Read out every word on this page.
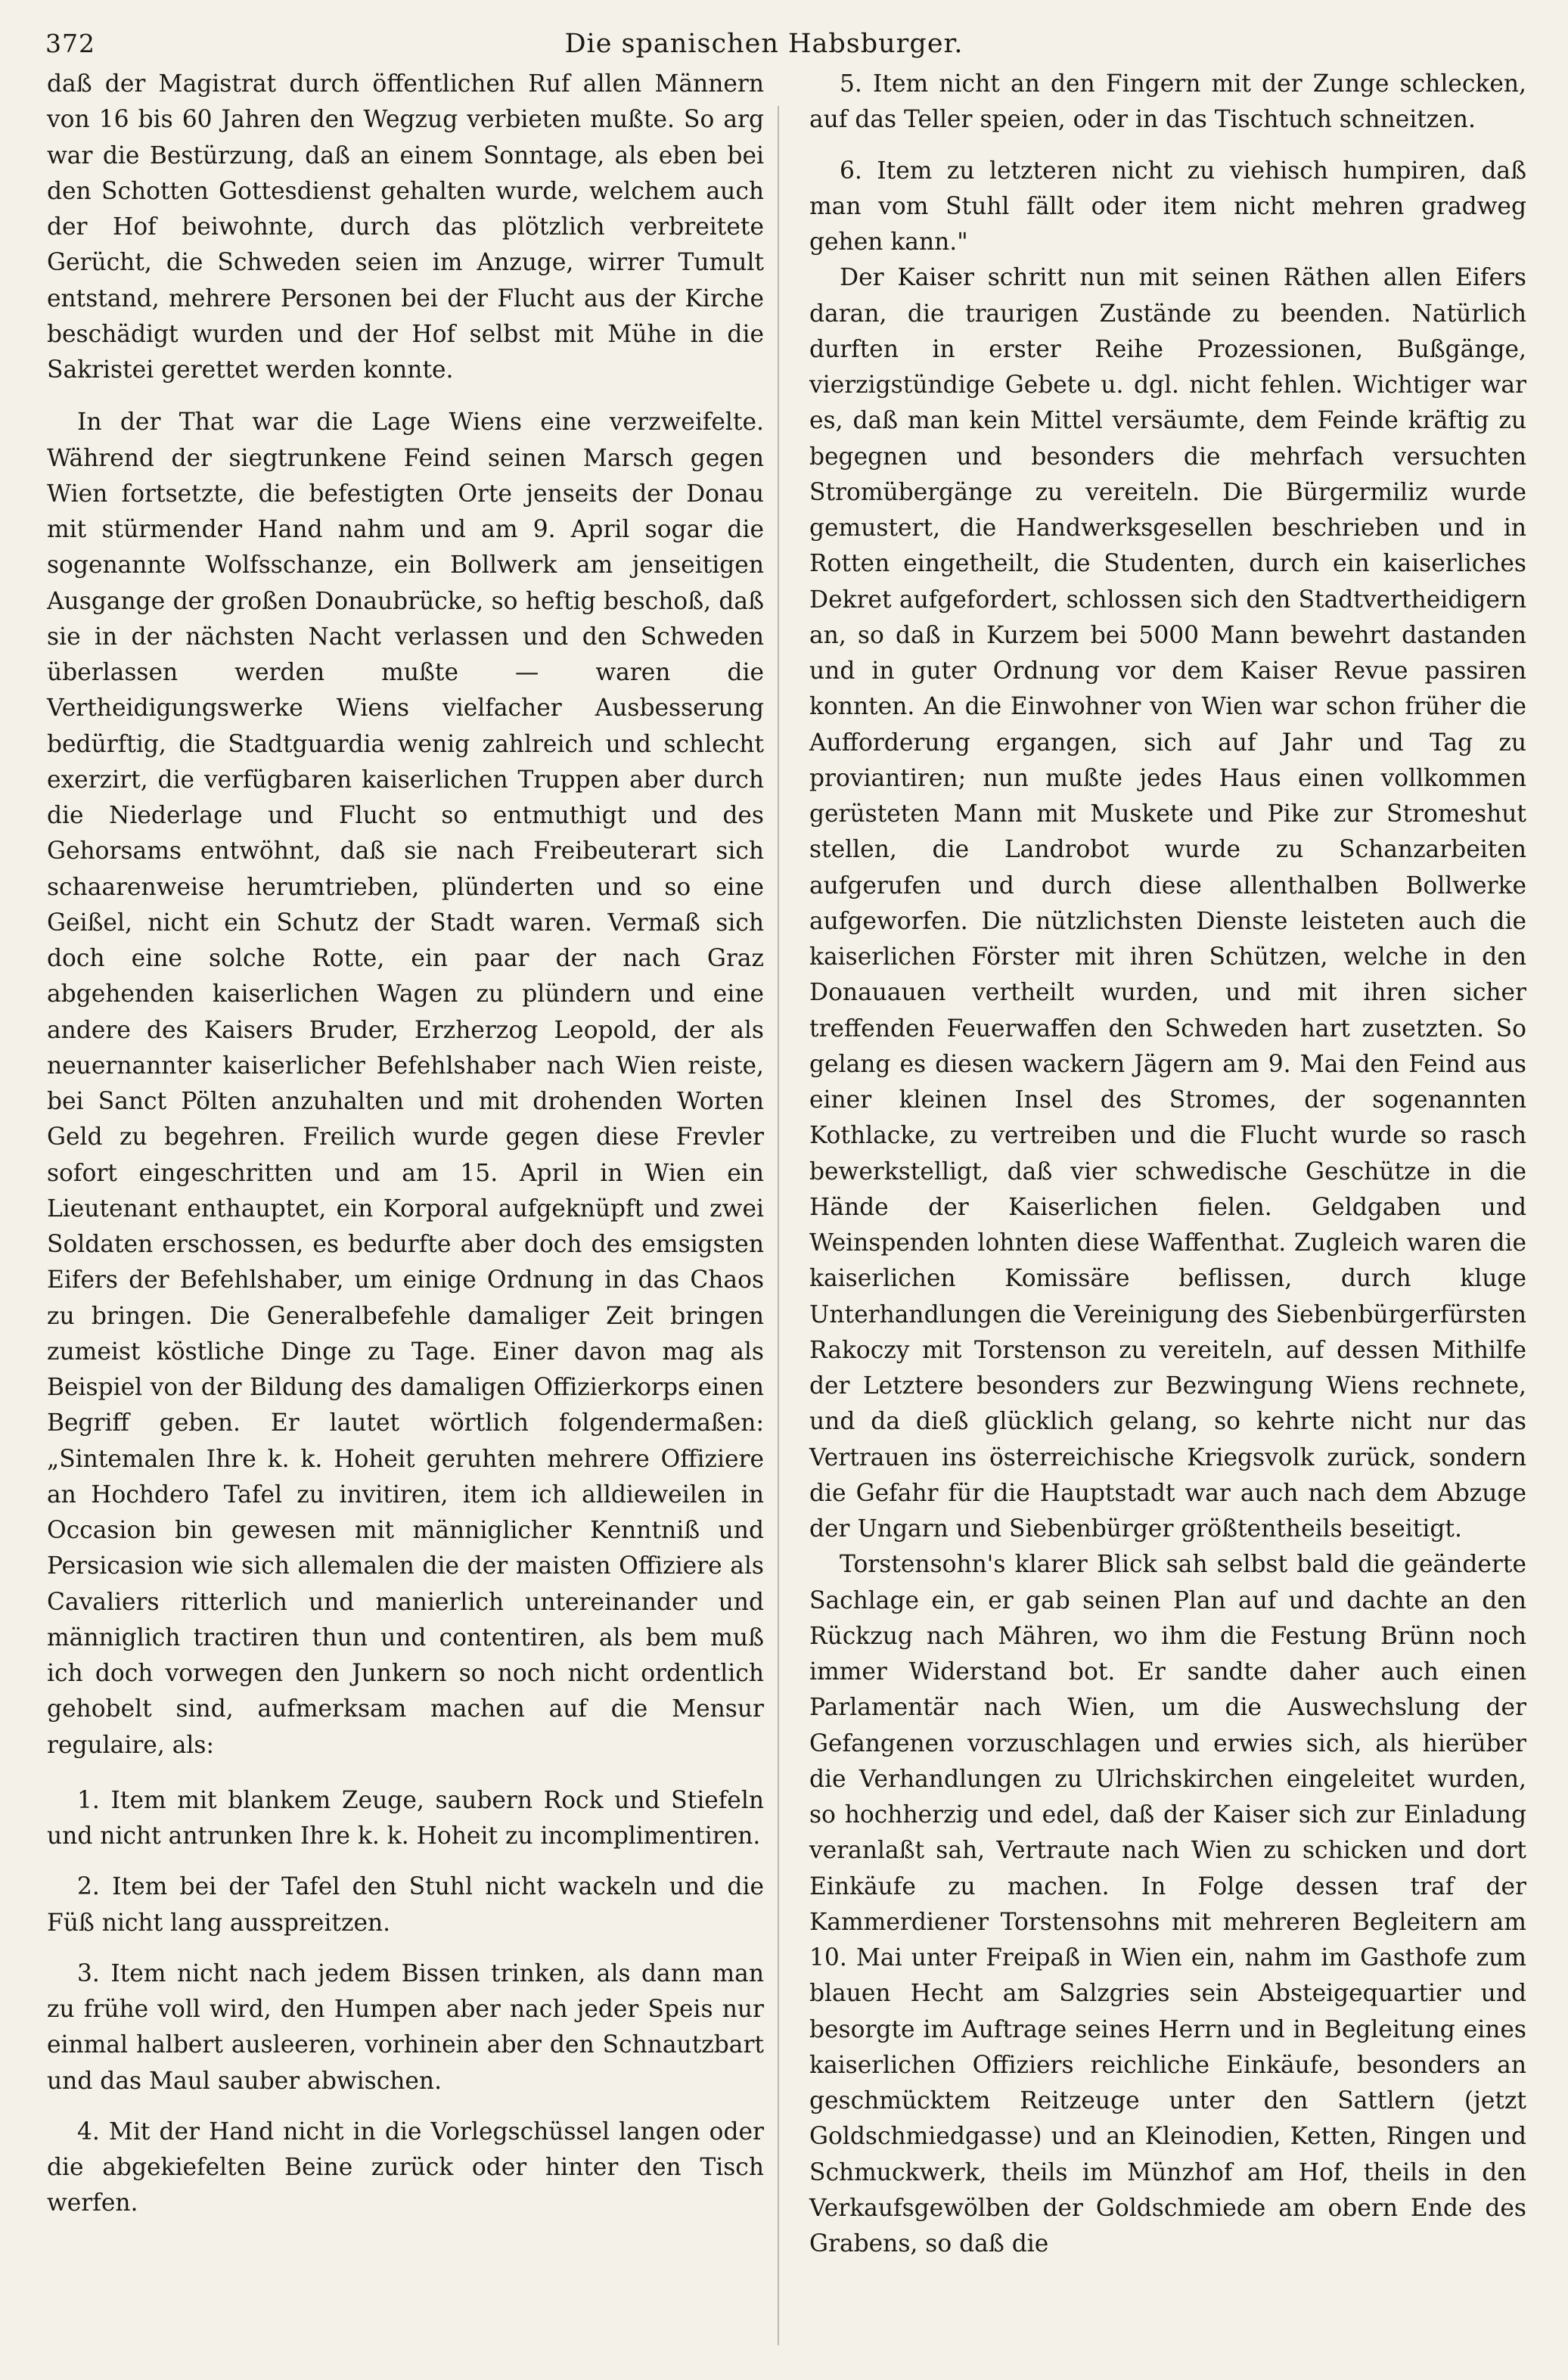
372	Die spanischen Habsburger.

daß der Magistrat durch öffentlichen Ruf allen Männern von 16 bis 60 Jahren den Wegzug verbieten mußte. So arg war die Bestürzung, daß an einem Sonntage, als eben bei den Schotten Gottesdienst gehalten wurde, welchem auch der Hof beiwohnte, durch das plötzlich verbreitete Gerücht, die Schweden seien im Anzuge, wirrer Tumult entstand, mehrere Personen bei der Flucht aus der Kirche beschädigt wurden und der Hof selbst mit Mühe in die Sakristei gerettet werden konnte.

In der That war die Lage Wiens eine verzweifelte. Während der siegtrunkene Feind seinen Marsch gegen Wien fortsetzte, die befestigten Orte jenseits der Donau mit stürmender Hand nahm und am 9. April sogar die sogenannte Wolfsschanze, ein Bollwerk am jenseitigen Ausgange der großen Donaubrücke, so heftig beschoß, daß sie in der nächsten Nacht verlassen und den Schweden überlassen werden mußte — waren die Vertheidigungswerke Wiens vielfacher Ausbesserung bedürftig, die Stadtguardia wenig zahlreich und schlecht exerzirt, die verfügbaren kaiserlichen Truppen aber durch die Niederlage und Flucht so entmuthigt und des Gehorsams entwöhnt, daß sie nach Freibeuterart sich schaarenweise herumtrieben, plünderten und so eine Geißel, nicht ein Schutz der Stadt waren. Vermaß sich doch eine solche Rotte, ein paar der nach Graz abgehenden kaiserlichen Wagen zu plündern und eine andere des Kaisers Bruder, Erzherzog Leopold, der als neuernannter kaiserlicher Befehlshaber nach Wien reiste, bei Sanct Pölten anzuhalten und mit drohenden Worten Geld zu begehren. Freilich wurde gegen diese Frevler sofort eingeschritten und am 15. April in Wien ein Lieutenant enthauptet, ein Korporal aufgeknüpft und zwei Soldaten erschossen, es bedurfte aber doch des emsigsten Eifers der Befehlshaber, um einige Ordnung in das Chaos zu bringen. Die Generalbefehle damaliger Zeit bringen zumeist köstliche Dinge zu Tage. Einer davon mag als Beispiel von der Bildung des damaligen Offizierkorps einen Begriff geben. Er lautet wörtlich folgendermaßen: „Sintemalen Ihre k. k. Hoheit geruhten mehrere Offiziere an Hochdero Tafel zu invitiren, item ich alldieweilen in Occasion bin gewesen mit männiglicher Kenntniß und Persicasion wie sich allemalen die der maisten Offiziere als Cavaliers ritterlich und manierlich untereinander und männiglich tractiren thun und contentiren, als bem muß ich doch vorwegen den Junkern so noch nicht ordentlich gehobelt sind, aufmerksam machen auf die Mensur regulaire, als:

1. Item mit blankem Zeuge, saubern Rock und Stiefeln und nicht antrunken Ihre k. k. Hoheit zu incomplimentiren.

2. Item bei der Tafel den Stuhl nicht wackeln und die Füß nicht lang ausspreitzen.

3. Item nicht nach jedem Bissen trinken, als dann man zu frühe voll wird, den Humpen aber nach jeder Speis nur einmal halbert ausleeren, vorhinein aber den Schnautzbart und das Maul sauber abwischen.

4. Mit der Hand nicht in die Vorlegschüssel langen oder die abgekiefelten Beine zurück oder hinter den Tisch werfen.

5. Item nicht an den Fingern mit der Zunge schlecken, auf das Teller speien, oder in das Tischtuch schneitzen.

6. Item zu letzteren nicht zu viehisch humpiren, daß man vom Stuhl fällt oder item nicht mehren gradweg gehen kann."

Der Kaiser schritt nun mit seinen Räthen allen Eifers daran, die traurigen Zustände zu beenden. Natürlich durften in erster Reihe Prozessionen, Bußgänge, vierzigstündige Gebete u. dgl. nicht fehlen. Wichtiger war es, daß man kein Mittel versäumte, dem Feinde kräftig zu begegnen und besonders die mehrfach versuchten Stromübergänge zu vereiteln. Die Bürgermiliz wurde gemustert, die Handwerksgesellen beschrieben und in Rotten eingetheilt, die Studenten, durch ein kaiserliches Dekret aufgefordert, schlossen sich den Stadtvertheidigern an, so daß in Kurzem bei 5000 Mann bewehrt dastanden und in guter Ordnung vor dem Kaiser Revue passiren konnten. An die Einwohner von Wien war schon früher die Aufforderung ergangen, sich auf Jahr und Tag zu proviantiren; nun mußte jedes Haus einen vollkommen gerüsteten Mann mit Muskete und Pike zur Stromeshut stellen, die Landrobot wurde zu Schanzarbeiten aufgerufen und durch diese allenthalben Bollwerke aufgeworfen. Die nützlichsten Dienste leisteten auch die kaiserlichen Förster mit ihren Schützen, welche in den Donauauen vertheilt wurden, und mit ihren sicher treffenden Feuerwaffen den Schweden hart zusetzten. So gelang es diesen wackern Jägern am 9. Mai den Feind aus einer kleinen Insel des Stromes, der sogenannten Kothlacke, zu vertreiben und die Flucht wurde so rasch bewerkstelligt, daß vier schwedische Geschütze in die Hände der Kaiserlichen fielen. Geldgaben und Weinspenden lohnten diese Waffenthat. Zugleich waren die kaiserlichen Komissäre beflissen, durch kluge Unterhandlungen die Vereinigung des Siebenbürgerfürsten Rakoczy mit Torstenson zu vereiteln, auf dessen Mithilfe der Letztere besonders zur Bezwingung Wiens rechnete, und da dieß glücklich gelang, so kehrte nicht nur das Vertrauen ins österreichische Kriegsvolk zurück, sondern die Gefahr für die Hauptstadt war auch nach dem Abzuge der Ungarn und Siebenbürger größtentheils beseitigt.

Torstensohn's klarer Blick sah selbst bald die geänderte Sachlage ein, er gab seinen Plan auf und dachte an den Rückzug nach Mähren, wo ihm die Festung Brünn noch immer Widerstand bot. Er sandte daher auch einen Parlamentär nach Wien, um die Auswechslung der Gefangenen vorzuschlagen und erwies sich, als hierüber die Verhandlungen zu Ulrichskirchen eingeleitet wurden, so hochherzig und edel, daß der Kaiser sich zur Einladung veranlaßt sah, Vertraute nach Wien zu schicken und dort Einkäufe zu machen. In Folge dessen traf der Kammerdiener Torstensohns mit mehreren Begleitern am 10. Mai unter Freipaß in Wien ein, nahm im Gasthofe zum blauen Hecht am Salzgries sein Absteigequartier und besorgte im Auftrage seines Herrn und in Begleitung eines kaiserlichen Offiziers reichliche Einkäufe, besonders an geschmücktem Reitzeuge unter den Sattlern (jetzt Goldschmiedgasse) und an Kleinodien, Ketten, Ringen und Schmuckwerk, theils im Münzhof am Hof, theils in den Verkaufsgewölben der Goldschmiede am obern Ende des Grabens, so daß die
